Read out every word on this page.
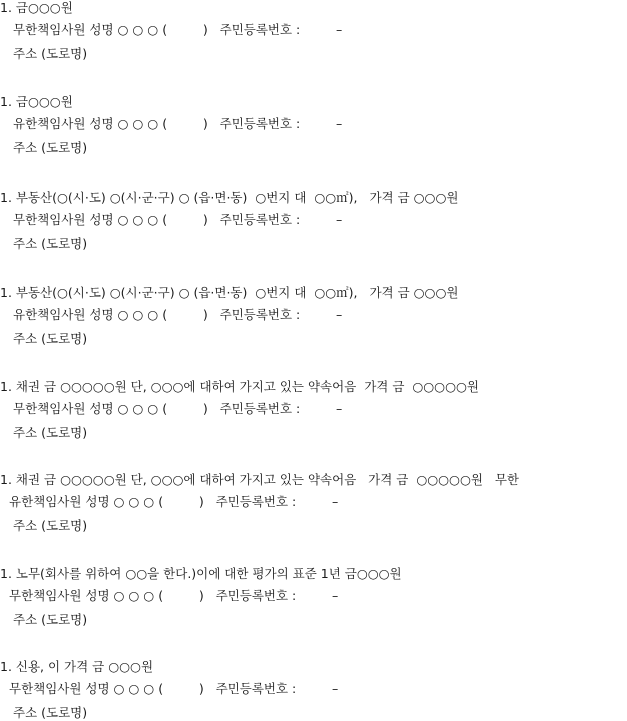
1. 금○○○원
무한책임사원 성명 ○ ○ ○ (         )   주민등록번호 :         –
주소 (도로명)
1. 금○○○원
유한책임사원 성명 ○ ○ ○ (         )   주민등록번호 :         –
주소 (도로명)
1. 부동산(○(시·도) ○(시·군·구) ○ (읍·면·동)  ○번지 대  ○○㎡),   가격 금 ○○○원
무한책임사원 성명 ○ ○ ○ (         )   주민등록번호 :         –
주소 (도로명)
1. 부동산(○(시·도) ○(시·군·구) ○ (읍·면·동)  ○번지 대  ○○㎡),   가격 금 ○○○원
유한책임사원 성명 ○ ○ ○ (         )   주민등록번호 :         –
주소 (도로명)
1. 채권 금 ○○○○○원 단, ○○○에 대하여 가지고 있는 약속어음  가격 금  ○○○○○원
무한책임사원 성명 ○ ○ ○ (         )   주민등록번호 :         –
주소 (도로명)
1. 채권 금 ○○○○○원 단, ○○○에 대하여 가지고 있는 약속어음   가격 금  ○○○○○원   무한
유한책임사원 성명 ○ ○ ○ (         )   주민등록번호 :         –
주소 (도로명)
1. 노무(회사를 위하여 ○○을 한다.)이에 대한 평가의 표준 1년 금○○○원
무한책임사원 성명 ○ ○ ○ (         )   주민등록번호 :         –
주소 (도로명)
1. 신용, 이 가격 금 ○○○원
무한책임사원 성명 ○ ○ ○ (         )   주민등록번호 :         –
주소 (도로명)
